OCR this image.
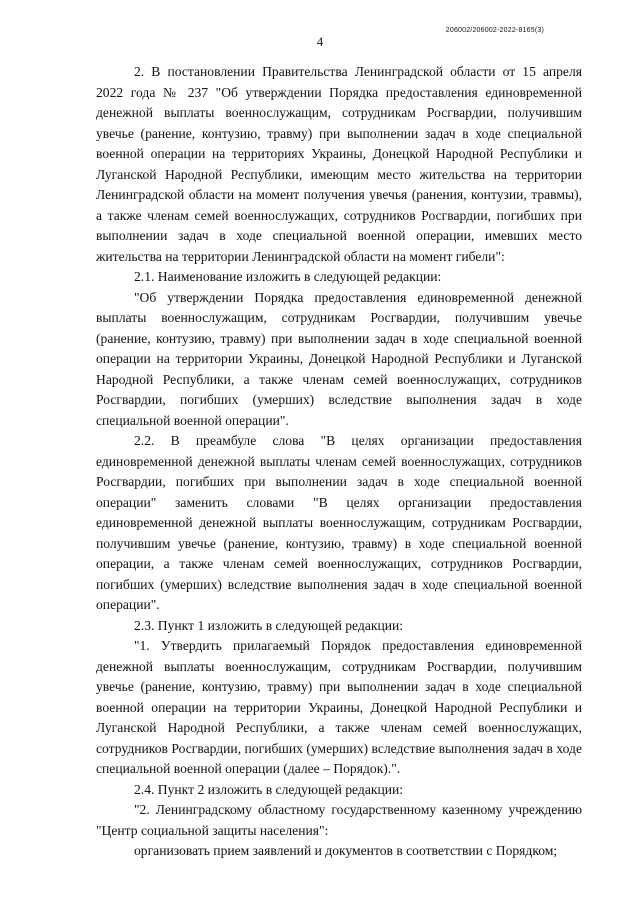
4
206002/206002-2022-8165(3)

2. В постановлении Правительства Ленинградской области от 15 апреля 2022 года № 237 "Об утверждении Порядка предоставления единовременной денежной выплаты военнослужащим, сотрудникам Росгвардии, получившим увечье (ранение, контузию, травму) при выполнении задач в ходе специальной военной операции на территориях Украины, Донецкой Народной Республики и Луганской Народной Республики, имеющим место жительства на территории Ленинградской области на момент получения увечья (ранения, контузии, травмы), а также членам семей военнослужащих, сотрудников Росгвардии, погибших при выполнении задач в ходе специальной военной операции, имевших место жительства на территории Ленинградской области на момент гибели":

2.1. Наименование изложить в следующей редакции:

"Об утверждении Порядка предоставления единовременной денежной выплаты военнослужащим, сотрудникам Росгвардии, получившим увечье (ранение, контузию, травму) при выполнении задач в ходе специальной военной операции на территории Украины, Донецкой Народной Республики и Луганской Народной Республики, а также членам семей военнослужащих, сотрудников Росгвардии, погибших (умерших) вследствие выполнения задач в ходе специальной военной операции".

2.2. В преамбуле слова "В целях организации предоставления единовременной денежной выплаты членам семей военнослужащих, сотрудников Росгвардии, погибших при выполнении задач в ходе специальной военной операции" заменить словами "В целях организации предоставления единовременной денежной выплаты военнослужащим, сотрудникам Росгвардии, получившим увечье (ранение, контузию, травму) в ходе специальной военной операции, а также членам семей военнослужащих, сотрудников Росгвардии, погибших (умерших) вследствие выполнения задач в ходе специальной военной операции".

2.3. Пункт 1 изложить в следующей редакции:

"1. Утвердить прилагаемый Порядок предоставления единовременной денежной выплаты военнослужащим, сотрудникам Росгвардии, получившим увечье (ранение, контузию, травму) при выполнении задач в ходе специальной военной операции на территории Украины, Донецкой Народной Республики и Луганской Народной Республики, а также членам семей военнослужащих, сотрудников Росгвардии, погибших (умерших) вследствие выполнения задач в ходе специальной военной операции (далее – Порядок).".

2.4. Пункт 2 изложить в следующей редакции:

"2. Ленинградскому областному государственному казенному учреждению "Центр социальной защиты населения":

организовать прием заявлений и документов в соответствии с Порядком;
